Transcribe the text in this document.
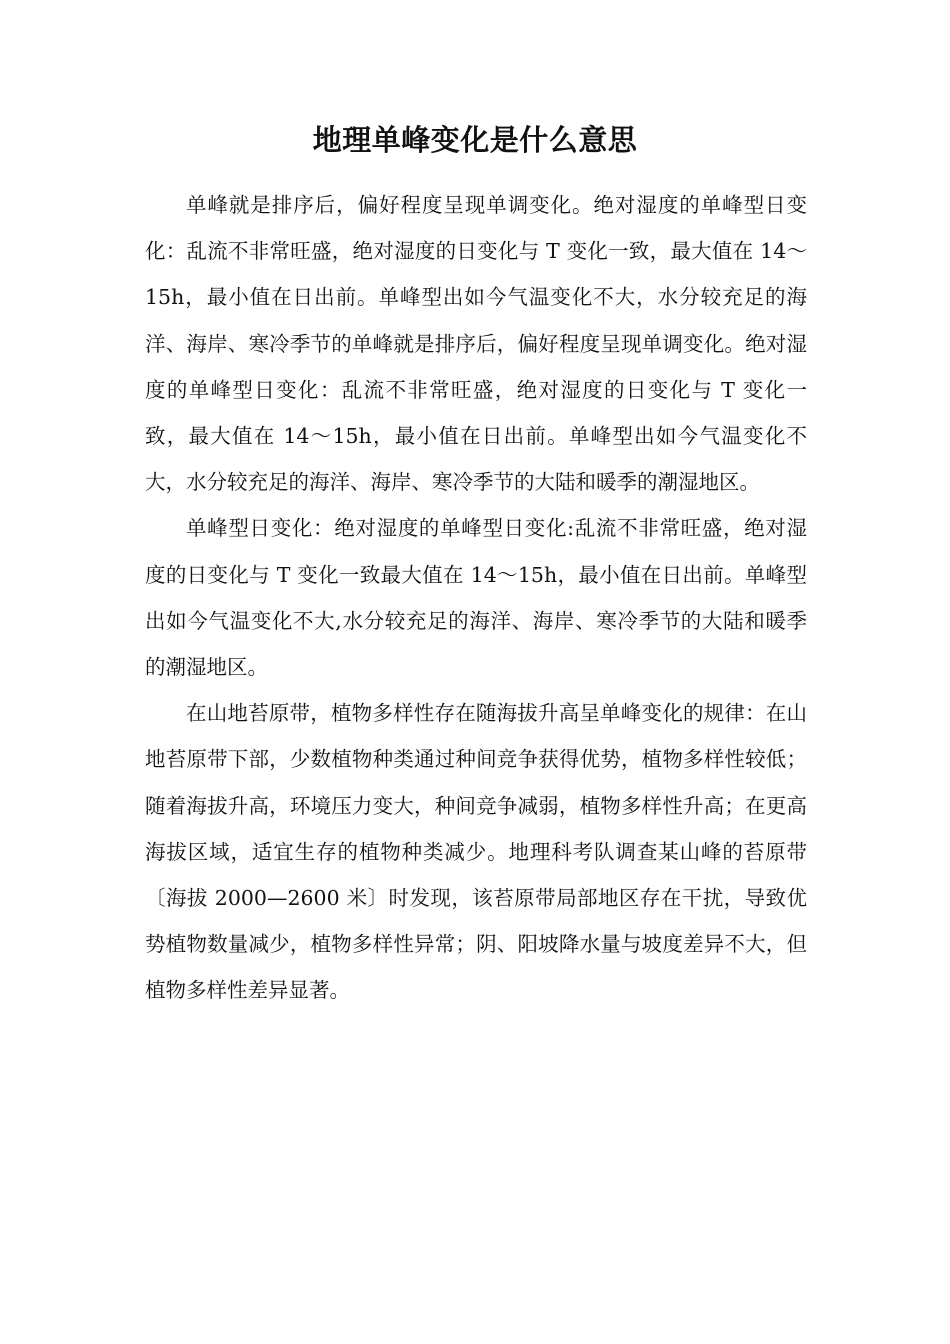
地理单峰变化是什么意思

单峰就是排序后，偏好程度呈现单调变化。绝对湿度的单峰型日变化：乱流不非常旺盛，绝对湿度的日变化与 T 变化一致，最大值在 14～15h，最小值在日出前。单峰型出如今气温变化不大，水分较充足的海洋、海岸、寒冷季节的单峰就是排序后，偏好程度呈现单调变化。绝对湿度的单峰型日变化：乱流不非常旺盛，绝对湿度的日变化与 T 变化一致，最大值在 14～15h，最小值在日出前。单峰型出如今气温变化不大，水分较充足的海洋、海岸、寒冷季节的大陆和暖季的潮湿地区。

单峰型日变化：绝对湿度的单峰型日变化:乱流不非常旺盛，绝对湿度的日变化与 T 变化一致最大值在 14～15h，最小值在日出前。单峰型出如今气温变化不大,水分较充足的海洋、海岸、寒冷季节的大陆和暖季的潮湿地区。

在山地苔原带，植物多样性存在随海拔升高呈单峰变化的规律：在山地苔原带下部，少数植物种类通过种间竞争获得优势，植物多样性较低；随着海拔升高，环境压力变大，种间竞争减弱，植物多样性升高；在更高海拔区域，适宜生存的植物种类减少。地理科考队调查某山峰的苔原带〔海拔 2000—2600 米〕时发现，该苔原带局部地区存在干扰，导致优势植物数量减少，植物多样性异常；阴、阳坡降水量与坡度差异不大，但植物多样性差异显著。
